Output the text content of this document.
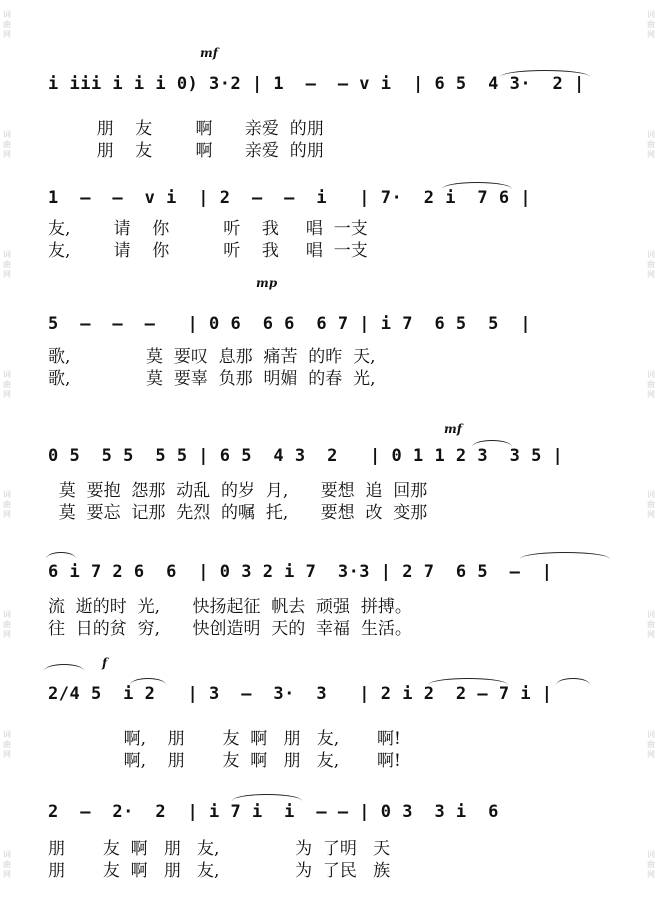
词曲网
词曲网
词曲网
词曲网
词曲网
词曲网
词曲网
词曲网
词曲网
词曲网
词曲网
词曲网
词曲网
词曲网
词曲网
词曲网
mf
mp
mf
f
i iii i i i 0) 3·2 | 1  —  — v i  | 6 5  4 3·  2 |
朋    友        啊      亲爱  的朋
朋    友        啊      亲爱  的朋
1  —  —  v i  | 2  —  —  i   | 7·  2 i  7 6 |
友,        请    你          听    我     唱  一支
友,        请    你          听    我     唱  一支
5  —  —  —   | 0 6  6 6  6 7 | i 7  6 5  5  |
歌,              莫  要叹  息那  痛苦  的昨  天,
歌,              莫  要辜  负那  明媚  的春  光,
0 5  5 5  5 5 | 6 5  4 3  2   | 0 1 1 2 3  3 5 |
莫  要抱  怨那  动乱  的岁  月,      要想  追  回那
莫  要忘  记那  先烈  的嘱  托,      要想  改  变那
6 i 7 2 6  6  | 0 3 2 i 7  3·3 | 2 7  6 5  —  |
流  逝的时  光,      快扬起征  帆去  顽强  拼搏。
往  日的贫  穷,      快创造明  天的  幸福  生活。
2/4 5  i 2   | 3  —  3·  3   | 2 i 2  2 — 7 i |
啊,    朋       友  啊   朋   友,       啊!
啊,    朋       友  啊   朋   友,       啊!
2  —  2·  2  | i 7 i  i  — — | 0 3  3 i  6
朋       友  啊   朋   友,              为  了明   天
朋       友  啊   朋   友,              为  了民   族
